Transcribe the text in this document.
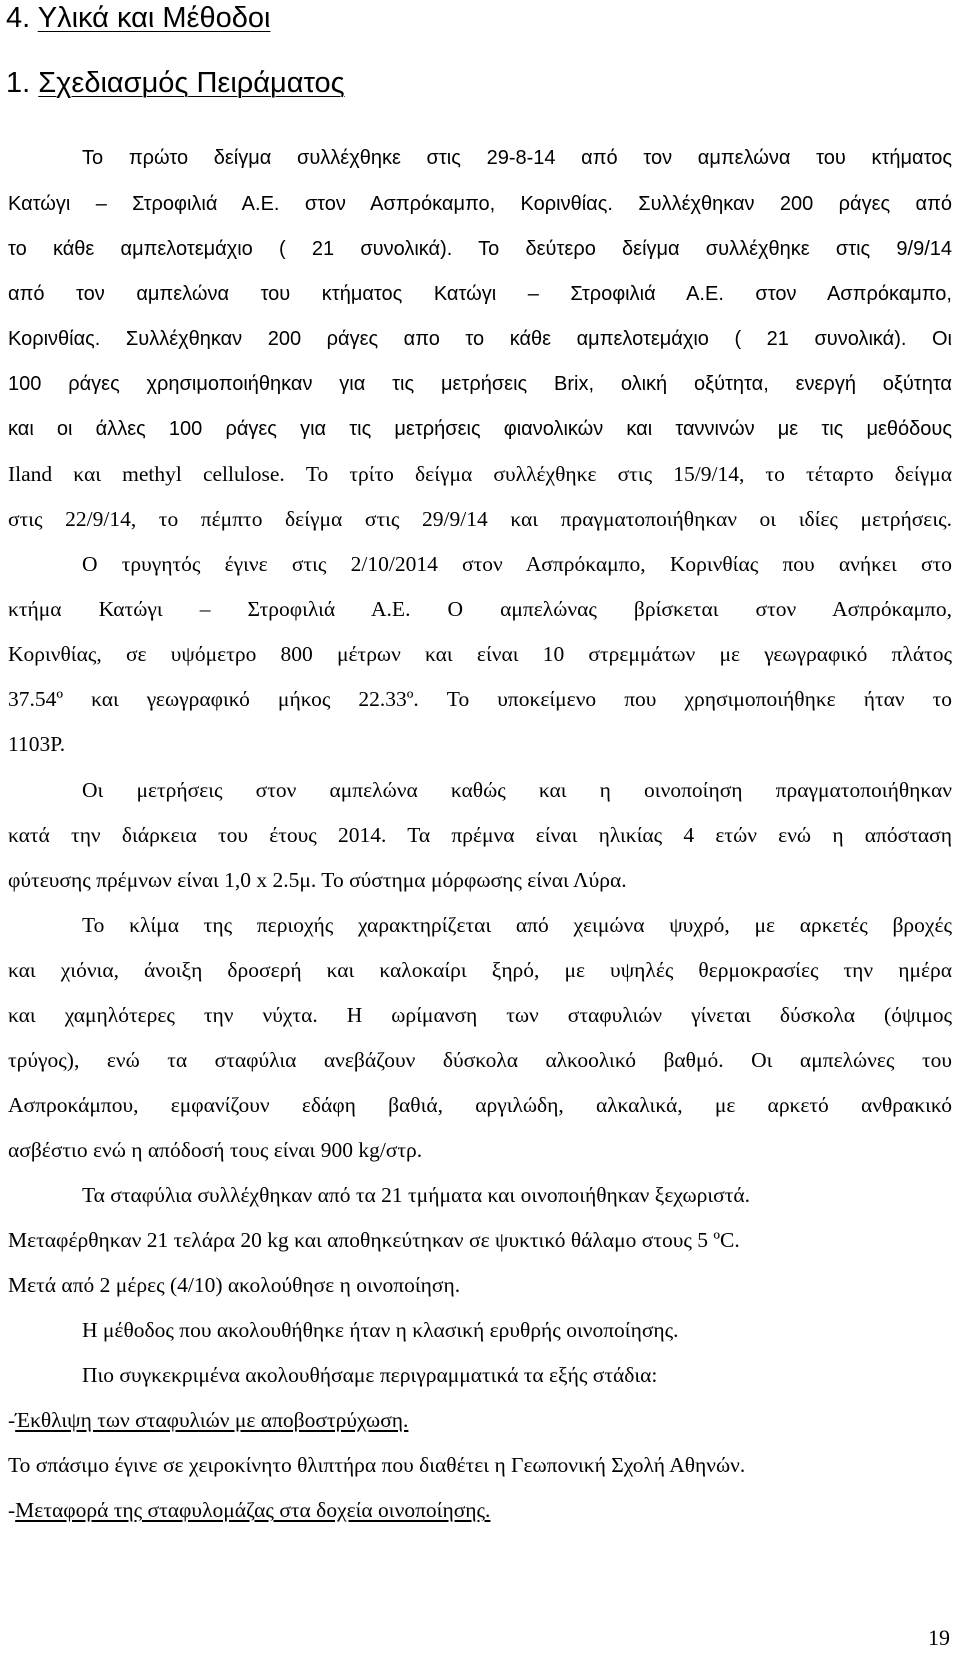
4. Υλικά και Μέθοδοι
1. Σχεδιασμός Πειράματος
Το πρώτο δείγμα συλλέχθηκε στις 29-8-14 από τον αμπελώνα του κτήματος
Κατώγι – Στροφιλιά Α.Ε. στον Ασπρόκαμπο, Κορινθίας. Συλλέχθηκαν 200 ράγες από
το κάθε αμπελοτεμάχιο ( 21 συνολικά). Το δεύτερο δείγμα συλλέχθηκε στις 9/9/14
από τον αμπελώνα του κτήματος Κατώγι – Στροφιλιά Α.Ε. στον Ασπρόκαμπο,
Κορινθίας. Συλλέχθηκαν 200 ράγες απο το κάθε αμπελοτεμάχιο ( 21 συνολικά). Οι
100 ράγες χρησιμοποιήθηκαν για τις μετρήσεις Brix, ολική οξύτητα, ενεργή οξύτητα
και οι άλλες 100 ράγες για τις μετρήσεις φιανολικών και ταννινών με τις μεθόδους
Iland και methyl cellulose. Το τρίτο δείγμα συλλέχθηκε στις 15/9/14, το τέταρτο δείγμα
στις 22/9/14, το πέμπτο δείγμα στις 29/9/14 και πραγματοποιήθηκαν οι ιδίες μετρήσεις.
Ο τρυγητός έγινε στις 2/10/2014 στον Ασπρόκαμπο, Κορινθίας που ανήκει στο
κτήμα Κατώγι – Στροφιλιά Α.Ε. Ο αμπελώνας βρίσκεται στον Ασπρόκαμπο,
Κορινθίας, σε υψόμετρο 800 μέτρων και είναι 10 στρεμμάτων με γεωγραφικό πλάτος
37.54º και γεωγραφικό μήκος 22.33º. Το υποκείμενο που χρησιμοποιήθηκε ήταν το
1103P.
Οι μετρήσεις στον αμπελώνα καθώς και η οινοποίηση πραγματοποιήθηκαν
κατά την διάρκεια του έτους 2014. Τα πρέμνα είναι ηλικίας 4 ετών ενώ η απόσταση
φύτευσης πρέμνων είναι 1,0 x 2.5μ. Το σύστημα μόρφωσης είναι Λύρα.
Το κλίμα της περιοχής χαρακτηρίζεται από χειμώνα ψυχρό, με αρκετές βροχές
και χιόνια, άνοιξη δροσερή και καλοκαίρι ξηρό, με υψηλές θερμοκρασίες την ημέρα
και χαμηλότερες την νύχτα. Η ωρίμανση των σταφυλιών γίνεται δύσκολα (όψιμος
τρύγος), ενώ τα σταφύλια ανεβάζουν δύσκολα αλκοολικό βαθμό. Οι αμπελώνες του
Ασπροκάμπου, εμφανίζουν εδάφη βαθιά, αργιλώδη, αλκαλικά, με αρκετό ανθρακικό
ασβέστιο ενώ η απόδοσή τους είναι 900 kg/στρ.
Τα σταφύλια συλλέχθηκαν από τα 21 τμήματα και οινοποιήθηκαν ξεχωριστά.
Μεταφέρθηκαν 21 τελάρα 20 kg και αποθηκεύτηκαν σε ψυκτικό θάλαμο στους 5 ºC.
Μετά από 2 μέρες (4/10) ακολούθησε η οινοποίηση.
Η μέθοδος που ακολουθήθηκε ήταν η κλασική ερυθρής οινοποίησης.
Πιο συγκεκριμένα ακολουθήσαμε περιγραμματικά τα εξής στάδια:
-Έκθλιψη των σταφυλιών με αποβοστρύχωση.
Το σπάσιμο έγινε σε χειροκίνητο θλιπτήρα που διαθέτει η Γεωπονική Σχολή Αθηνών.
-Μεταφορά της σταφυλομάζας στα δοχεία οινοποίησης.
19
